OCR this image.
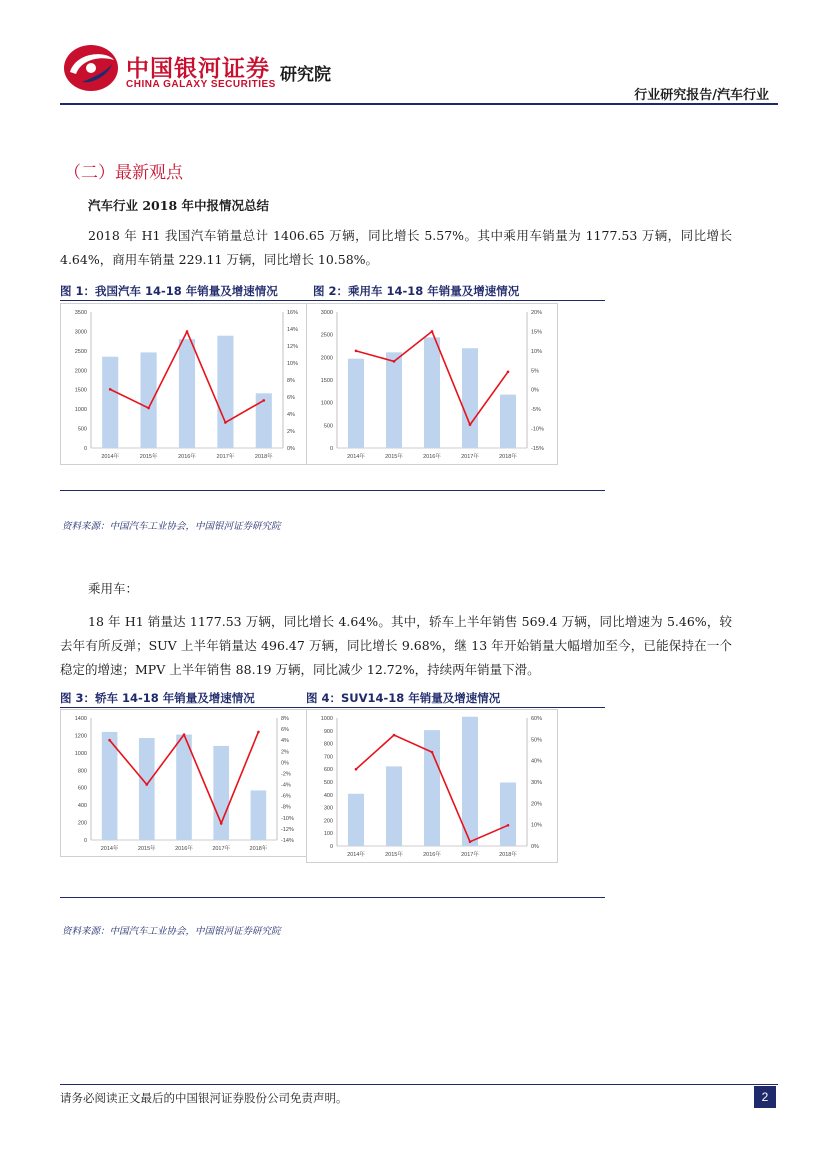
中国银河证券
CHINA GALAXY SECURITIES 研究院
行业研究报告/汽车行业
（二）最新观点
汽车行业 2018 年中报情况总结
2018 年 H1 我国汽车销量总计 1406.65 万辆，同比增长 5.57%。其中乘用车销量为 1177.53 万辆，同比增长 4.64%，商用车销量 229.11 万辆，同比增长 10.58%。
图 1：我国汽车 14-18 年销量及增速情况	图 2：乘用车 14-18 年销量及增速情况
0
500
1000
1500
2000
2500
3000
3500
0%
2%
4%
6%
8%
10%
12%
14%
16%
2014年	2015年	2016年	2017年	2018年
0
500
1000
1500
2000
2500
3000
-15%
-10%
-5%
0%
5%
10%
15%
20%
2014年	2015年	2016年	2017年	2018年
资料来源：中国汽车工业协会，中国银河证券研究院
乘用车：
18 年 H1 销量达 1177.53 万辆，同比增长 4.64%。其中，轿车上半年销售 569.4 万辆，同比增速为 5.46%，较去年有所反弹；SUV 上半年销量达 496.47 万辆，同比增长 9.68%，继 13 年开始销量大幅增加至今，已能保持在一个稳定的增速；MPV 上半年销售 88.19 万辆，同比减少 12.72%，持续两年销量下滑。
图 3：轿车 14-18 年销量及增速情况	图 4：SUV14-18 年销量及增速情况
0
200
400
600
800
1000
1200
1400
-14%
-12%
-10%
-8%
-6%
-4%
-2%
0%
2%
4%
6%
8%
2014年	2015年	2016年	2017年	2018年	0
100
200
300
400
500
600
700
800
900
1000
0%
10%
20%
30%
40%
50%
60%
2014年	2015年	2016年	2017年	2018年
资料来源：中国汽车工业协会，中国银河证券研究院
请务必阅读正文最后的中国银河证券股份公司免责声明。	2
